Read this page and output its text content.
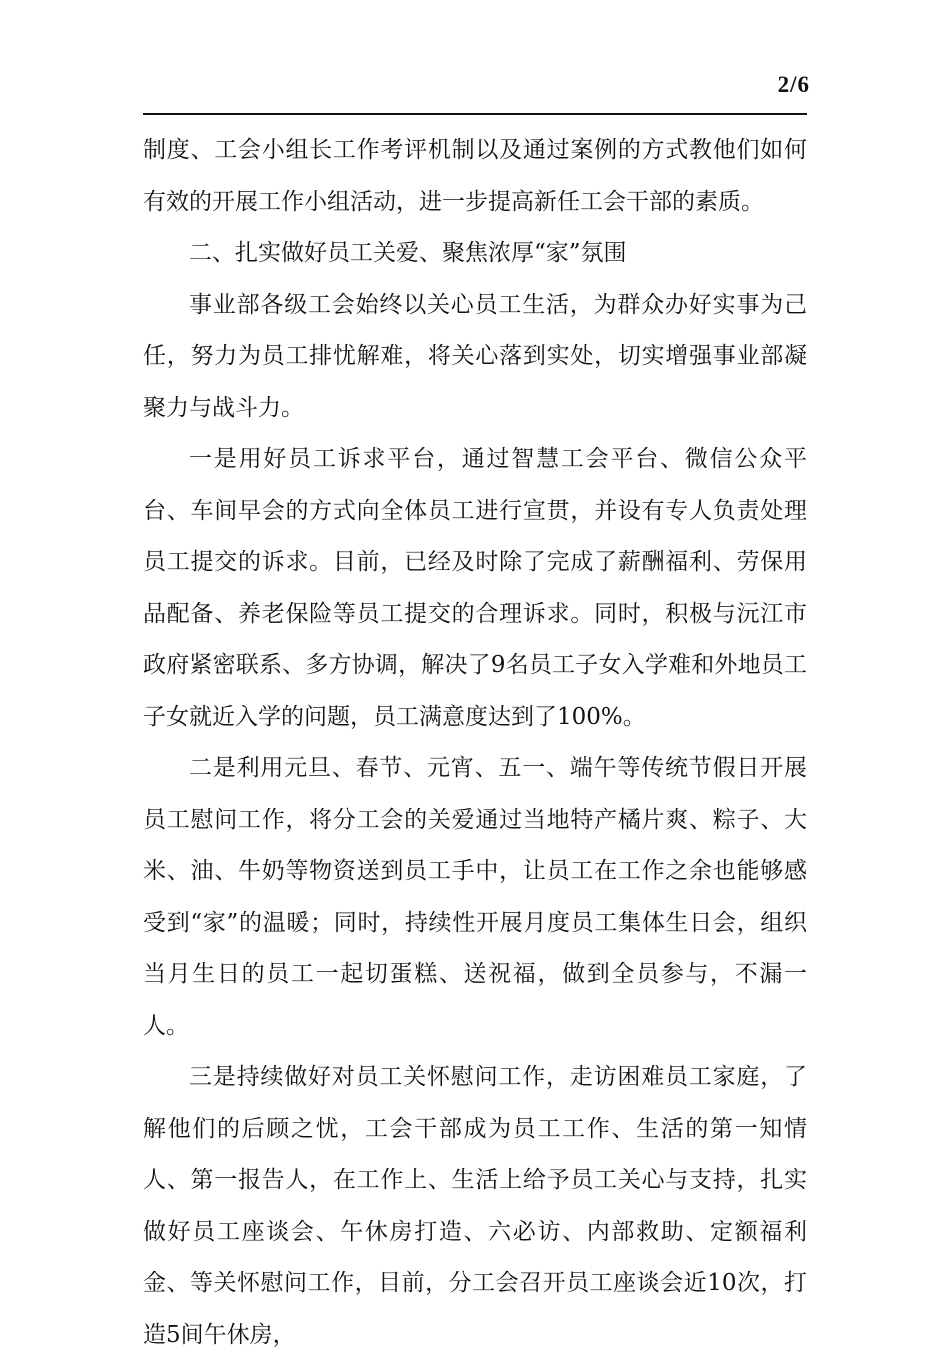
2/6

制度、工会小组长工作考评机制以及通过案例的方式教他们如何有效的开展工作小组活动，进一步提高新任工会干部的素质。

二、扎实做好员工关爱、聚焦浓厚“家”氛围

事业部各级工会始终以关心员工生活，为群众办好实事为己任，努力为员工排忧解难，将关心落到实处，切实增强事业部凝聚力与战斗力。

一是用好员工诉求平台，通过智慧工会平台、微信公众平台、车间早会的方式向全体员工进行宣贯，并设有专人负责处理员工提交的诉求。目前，已经及时除了完成了薪酬福利、劳保用品配备、养老保险等员工提交的合理诉求。同时，积极与沅江市政府紧密联系、多方协调，解决了9名员工子女入学难和外地员工子女就近入学的问题，员工满意度达到了100%。

二是利用元旦、春节、元宵、五一、端午等传统节假日开展员工慰问工作，将分工会的关爱通过当地特产橘片爽、粽子、大米、油、牛奶等物资送到员工手中，让员工在工作之余也能够感受到“家”的温暖；同时，持续性开展月度员工集体生日会，组织当月生日的员工一起切蛋糕、送祝福，做到全员参与，不漏一人。

三是持续做好对员工关怀慰问工作，走访困难员工家庭，了解他们的后顾之忧，工会干部成为员工工作、生活的第一知情人、第一报告人，在工作上、生活上给予员工关心与支持，扎实做好员工座谈会、午休房打造、六必访、内部救助、定额福利金、等关怀慰问工作，目前，分工会召开员工座谈会近10次，打造5间午休房，
